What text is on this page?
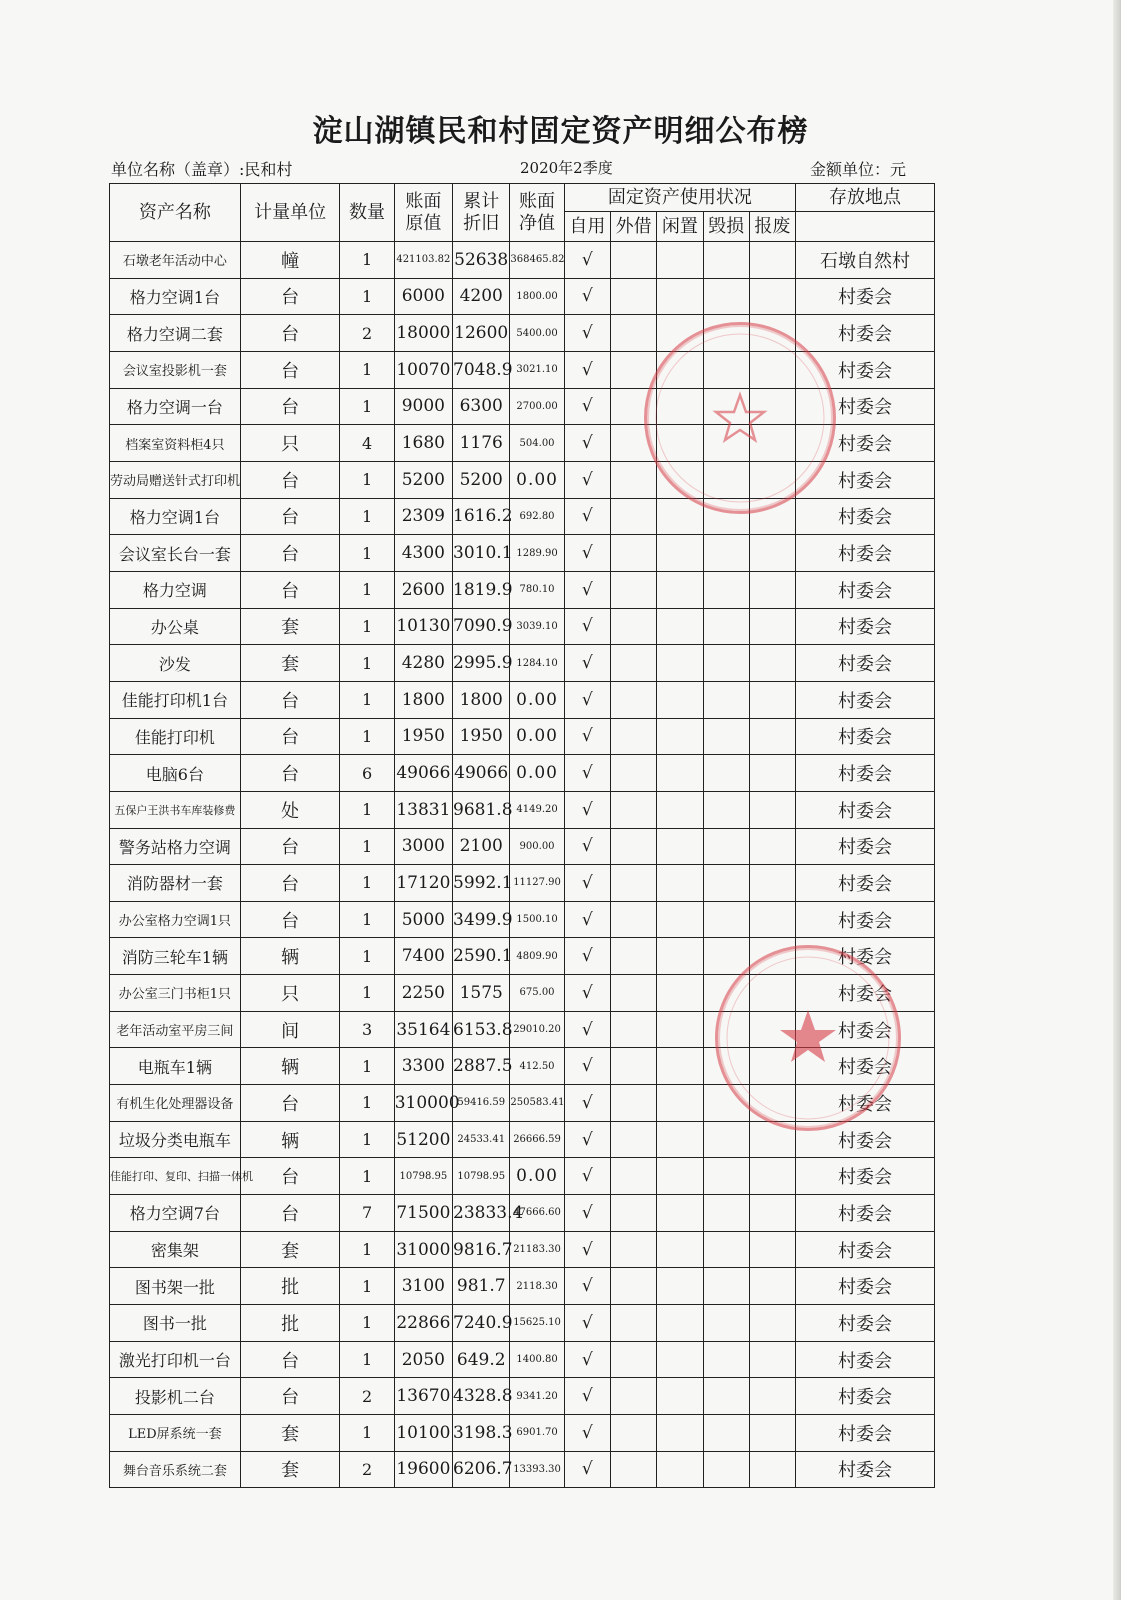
淀山湖镇民和村固定资产明细公布榜
单位名称（盖章）:民和村	2020年2季度	金额单位：元
资产名称	计量单位	数量	账面原值	累计折旧	账面净值	固定资产使用状况					存放地点
						自用	外借	闲置	毁损	报废	
石墩老年活动中心	幢	1	421103.82	52638	368465.82	√					石墩自然村
格力空调1台	台	1	6000	4200	1800.00	√					村委会
格力空调二套	台	2	18000	12600	5400.00	√					村委会
会议室投影机一套	台	1	10070	7048.9	3021.10	√					村委会
格力空调一台	台	1	9000	6300	2700.00	√					村委会
档案室资料柜4只	只	4	1680	1176	504.00	√					村委会
劳动局赠送针式打印机	台	1	5200	5200	0.00	√					村委会
格力空调1台	台	1	2309	1616.2	692.80	√					村委会
会议室长台一套	台	1	4300	3010.1	1289.90	√					村委会
格力空调	台	1	2600	1819.9	780.10	√					村委会
办公桌	套	1	10130	7090.9	3039.10	√					村委会
沙发	套	1	4280	2995.9	1284.10	√					村委会
佳能打印机1台	台	1	1800	1800	0.00	√					村委会
佳能打印机	台	1	1950	1950	0.00	√					村委会
电脑6台	台	6	49066	49066	0.00	√					村委会
五保户王洪书车库装修费	处	1	13831	9681.8	4149.20	√					村委会
警务站格力空调	台	1	3000	2100	900.00	√					村委会
消防器材一套	台	1	17120	5992.1	11127.90	√					村委会
办公室格力空调1只	台	1	5000	3499.9	1500.10	√					村委会
消防三轮车1辆	辆	1	7400	2590.1	4809.90	√					村委会
办公室三门书柜1只	只	1	2250	1575	675.00	√					村委会
老年活动室平房三间	间	3	35164	6153.8	29010.20	√					村委会
电瓶车1辆	辆	1	3300	2887.5	412.50	√					村委会
有机生化处理器设备	台	1	310000	59416.59	250583.41	√					村委会
垃圾分类电瓶车	辆	1	51200	24533.41	26666.59	√					村委会
佳能打印、复印、扫描一体机	台	1	10798.95	10798.95	0.00	√					村委会
格力空调7台	台	7	71500	23833.4	47666.60	√					村委会
密集架	套	1	31000	9816.7	21183.30	√					村委会
图书架一批	批	1	3100	981.7	2118.30	√					村委会
图书一批	批	1	22866	7240.9	15625.10	√					村委会
激光打印机一台	台	1	2050	649.2	1400.80	√					村委会
投影机二台	台	2	13670	4328.8	9341.20	√					村委会
LED屏系统一套	套	1	10100	3198.3	6901.70	√					村委会
舞台音乐系统二套	套	2	19600	6206.7	13393.30	√					村委会
